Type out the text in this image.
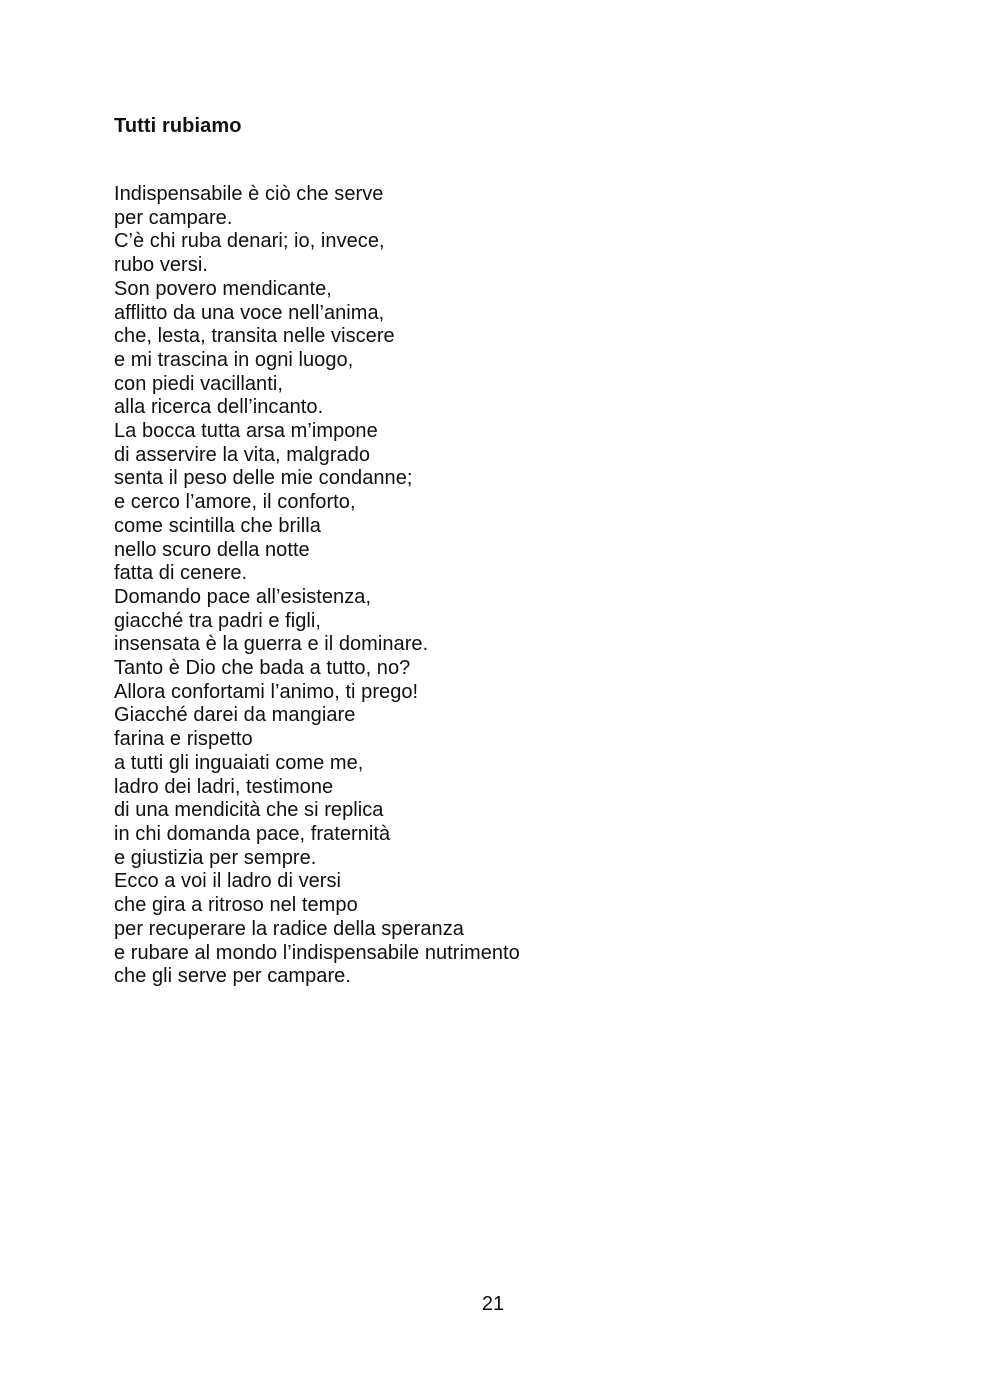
Tutti rubiamo
Indispensabile è ciò che serve
per campare.
C’è chi ruba denari; io, invece,
rubo versi.
Son povero mendicante,
afflitto da una voce nell’anima,
che, lesta, transita nelle viscere
e mi trascina in ogni luogo,
con piedi vacillanti,
alla ricerca dell’incanto.
La bocca tutta arsa m’impone
di asservire la vita, malgrado
senta il peso delle mie condanne;
e cerco l’amore, il conforto,
come scintilla che brilla
nello scuro della notte
fatta di cenere.
Domando pace all’esistenza,
giacché tra padri e figli,
insensata è la guerra e il dominare.
Tanto è Dio che bada a tutto, no?
Allora confortami l’animo, ti prego!
Giacché darei da mangiare
farina e rispetto
a tutti gli inguaiati come me,
ladro dei ladri, testimone
di una mendicità che si replica
in chi domanda pace, fraternità
e giustizia per sempre.
Ecco a voi il ladro di versi
che gira a ritroso nel tempo
per recuperare la radice della speranza
e rubare al mondo l’indispensabile nutrimento
che gli serve per campare.
21
